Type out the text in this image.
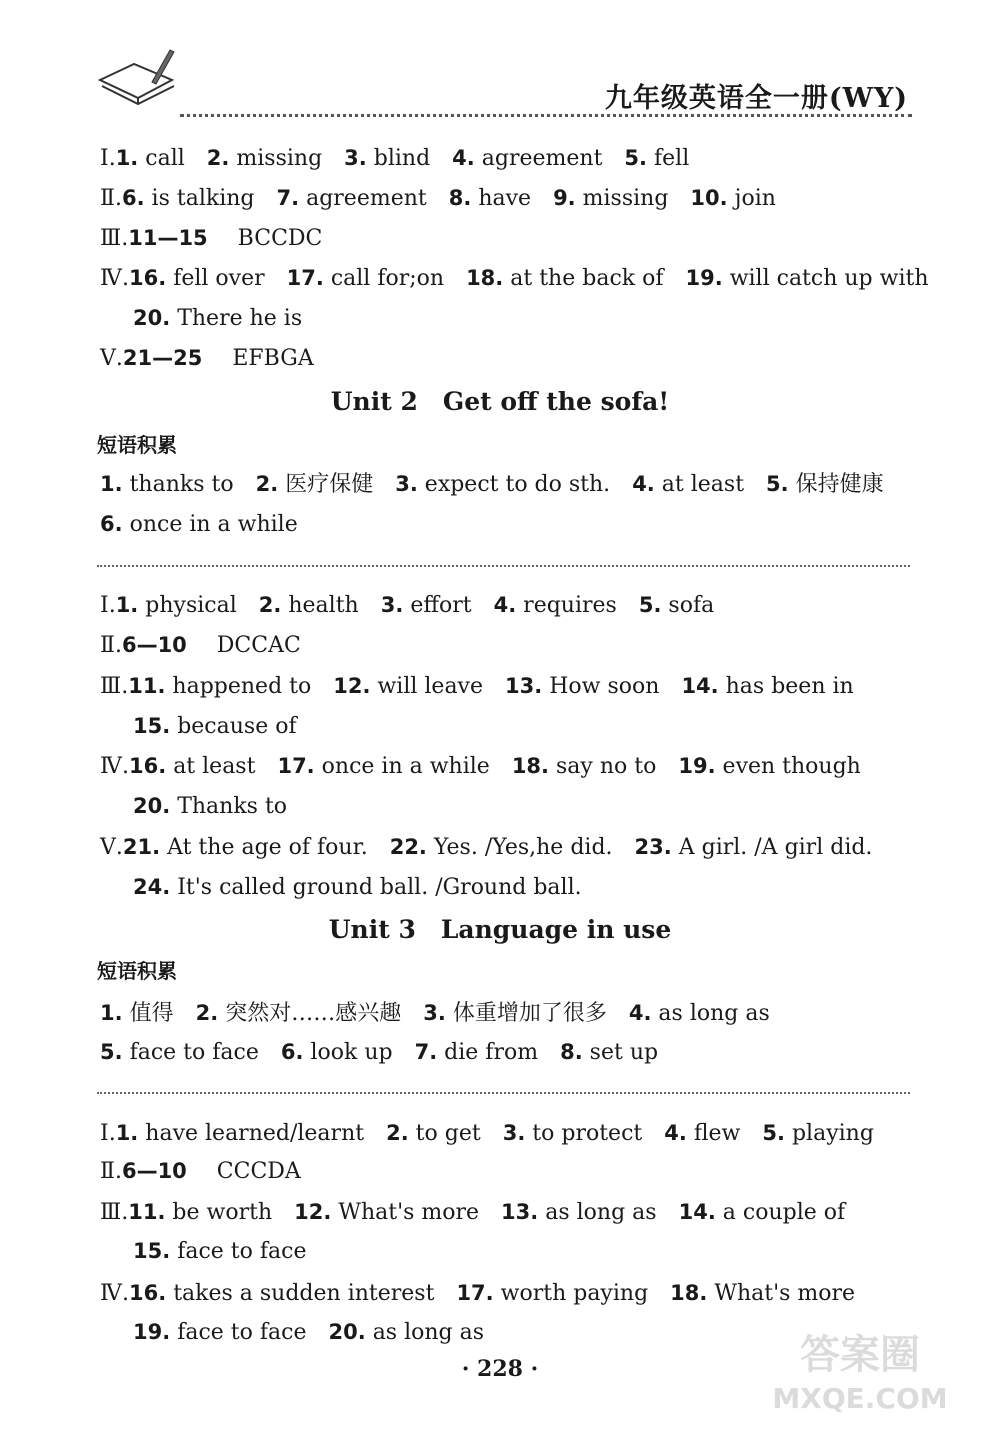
九年级英语全一册(WY)
Ⅰ.1. call 2. missing 3. blind 4. agreement 5. fell
Ⅱ.6. is talking 7. agreement 8. have 9. missing 10. join
Ⅲ.11—15 BCCDC
Ⅳ.16. fell over 17. call for;on 18. at the back of 19. will catch up with
20. There he is
Ⅴ.21—25 EFBGA
Unit 2　Get off the sofa!
短语积累
1. thanks to 2. 医疗保健 3. expect to do sth. 4. at least 5. 保持健康
6. once in a while
Ⅰ.1. physical 2. health 3. effort 4. requires 5. sofa
Ⅱ.6—10 DCCAC
Ⅲ.11. happened to 12. will leave 13. How soon 14. has been in
15. because of
Ⅳ.16. at least 17. once in a while 18. say no to 19. even though
20. Thanks to
Ⅴ.21. At the age of four. 22. Yes. /Yes,he did. 23. A girl. /A girl did.
24. It's called ground ball. /Ground ball.
Unit 3　Language in use
短语积累
1. 值得 2. 突然对……感兴趣 3. 体重增加了很多 4. as long as
5. face to face 6. look up 7. die from 8. set up
Ⅰ.1. have learned/learnt 2. to get 3. to protect 4. flew 5. playing
Ⅱ.6—10 CCCDA
Ⅲ.11. be worth 12. What's more 13. as long as 14. a couple of
15. face to face
Ⅳ.16. takes a sudden interest 17. worth paying 18. What's more
19. face to face 20. as long as
· 228 ·	答案圈
MXQE.COM
